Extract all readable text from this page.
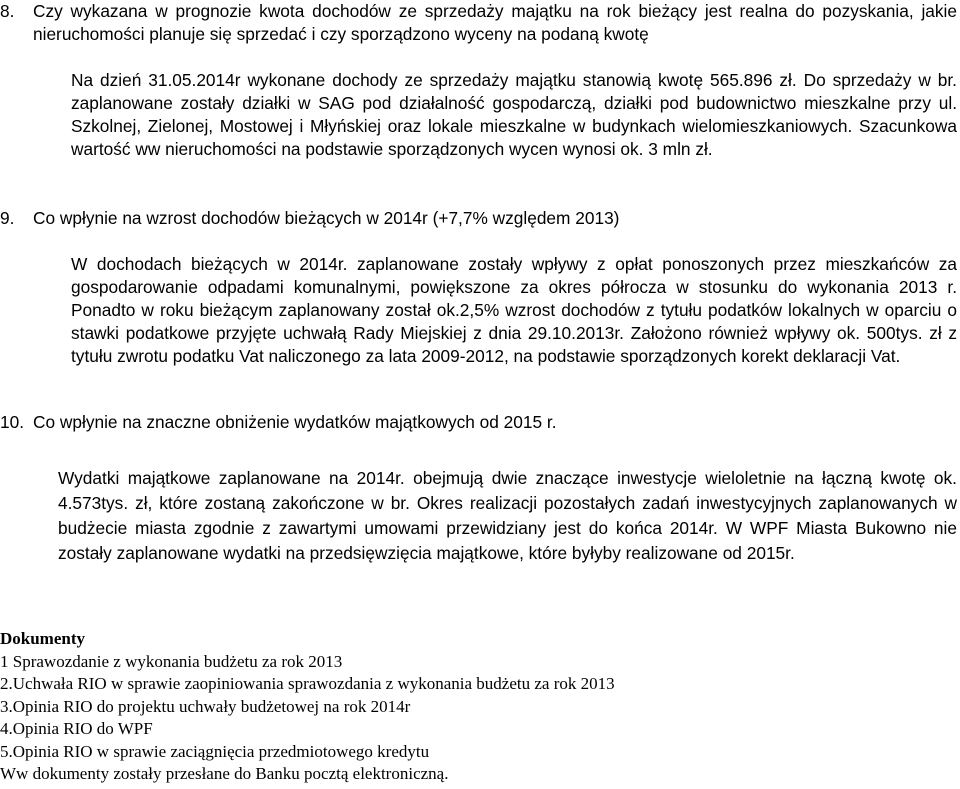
8. Czy wykazana w prognozie kwota dochodów ze sprzedaży majątku na rok bieżący jest realna do pozyskania, jakie nieruchomości planuje się sprzedać i czy sporządzono wyceny na podaną kwotę

Na dzień 31.05.2014r wykonane dochody ze sprzedaży majątku stanowią kwotę 565.896 zł. Do sprzedaży w br. zaplanowane zostały działki w SAG pod działalność gospodarczą, działki pod budownictwo mieszkalne przy ul. Szkolnej, Zielonej, Mostowej i Młyńskiej oraz lokale mieszkalne w budynkach wielomieszkaniowych. Szacunkowa wartość ww nieruchomości na podstawie sporządzonych wycen wynosi ok. 3 mln zł.

9. Co wpłynie na wzrost dochodów bieżących w 2014r (+7,7% względem 2013)

W dochodach bieżących w 2014r. zaplanowane zostały wpływy z opłat ponoszonych przez mieszkańców za gospodarowanie odpadami komunalnymi, powiększone za okres półrocza w stosunku do wykonania 2013 r. Ponadto w roku bieżącym zaplanowany został ok.2,5% wzrost dochodów z tytułu podatków lokalnych w oparciu o stawki podatkowe przyjęte uchwałą Rady Miejskiej z dnia 29.10.2013r. Założono również wpływy ok. 500tys. zł z tytułu zwrotu podatku Vat naliczonego za lata 2009-2012, na podstawie sporządzonych korekt deklaracji Vat.

10. Co wpłynie na znaczne obniżenie wydatków majątkowych od 2015 r.

Wydatki majątkowe zaplanowane na 2014r. obejmują dwie znaczące inwestycje wieloletnie na łączną kwotę ok. 4.573tys. zł, które zostaną zakończone w br. Okres realizacji pozostałych zadań inwestycyjnych zaplanowanych w budżecie miasta zgodnie z zawartymi umowami przewidziany jest do końca 2014r. W WPF Miasta Bukowno nie zostały zaplanowane wydatki na przedsięwzięcia majątkowe, które byłyby realizowane od 2015r.

Dokumenty
1 Sprawozdanie z wykonania budżetu za rok 2013
2.Uchwała RIO w sprawie zaopiniowania sprawozdania z wykonania budżetu za rok 2013
3.Opinia RIO do projektu uchwały budżetowej na rok 2014r
4.Opinia RIO do WPF
5.Opinia RIO w sprawie zaciągnięcia przedmiotowego kredytu
Ww dokumenty zostały przesłane do Banku pocztą elektroniczną.
